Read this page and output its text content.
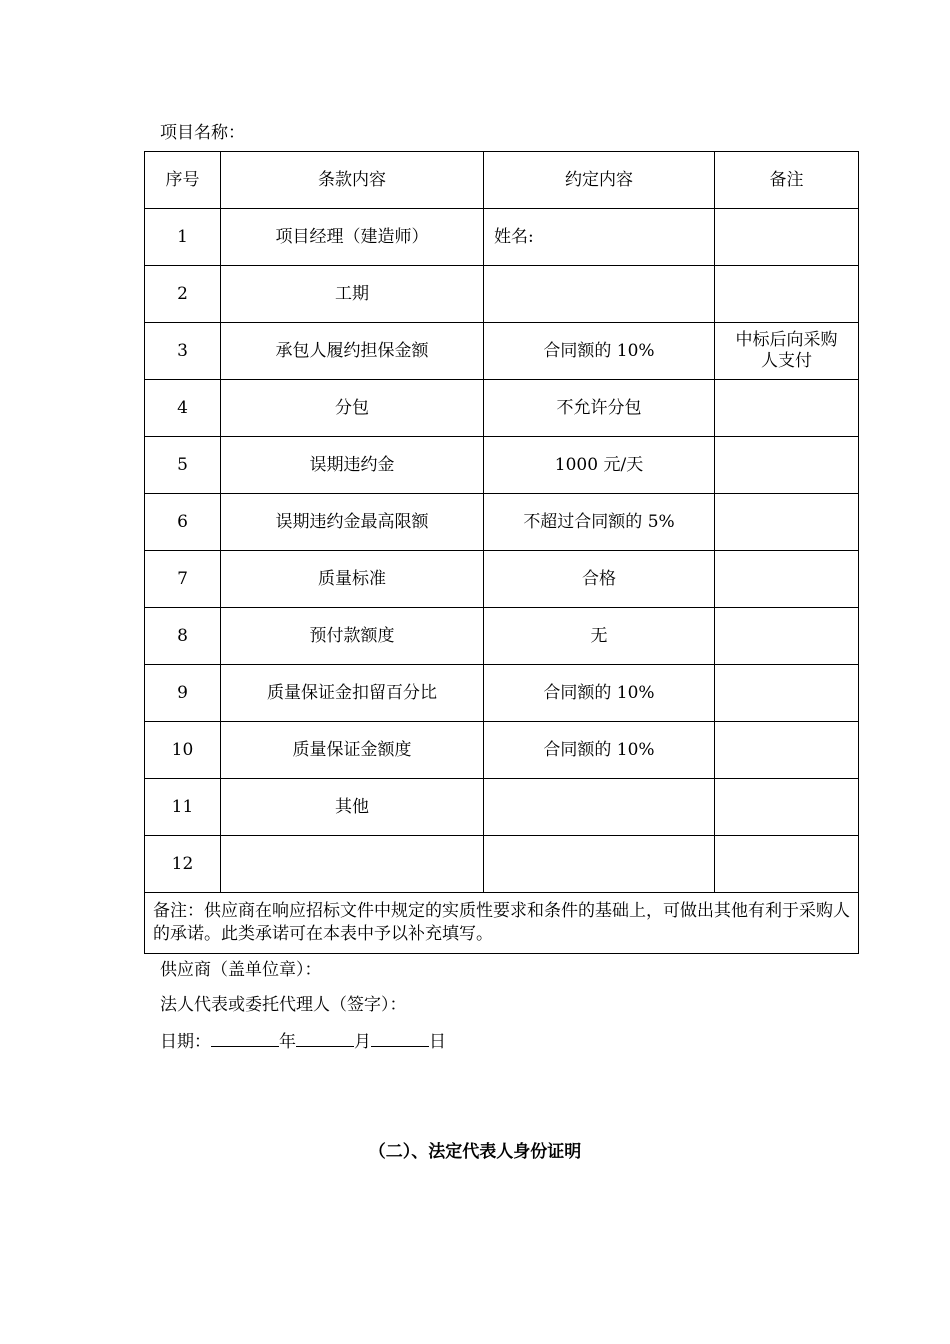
项目名称：
序号	条款内容	约定内容	备注
1	项目经理（建造师）	姓名:	
2	工期		
3	承包人履约担保金额	合同额的 10%	中标后向采购人支付
4	分包	不允许分包	
5	误期违约金	1000 元/天	
6	误期违约金最高限额	不超过合同额的 5%	
7	质量标准	合格	
8	预付款额度	无	
9	质量保证金扣留百分比	合同额的 10%	
10	质量保证金额度	合同额的 10%	
11	其他		
12			
备注：供应商在响应招标文件中规定的实质性要求和条件的基础上，可做出其他有利于采购人的承诺。此类承诺可在本表中予以补充填写。			
供应商（盖单位章）：
法人代表或委托代理人（签字）：
日期：	年	月	日
（二）、法定代表人身份证明
